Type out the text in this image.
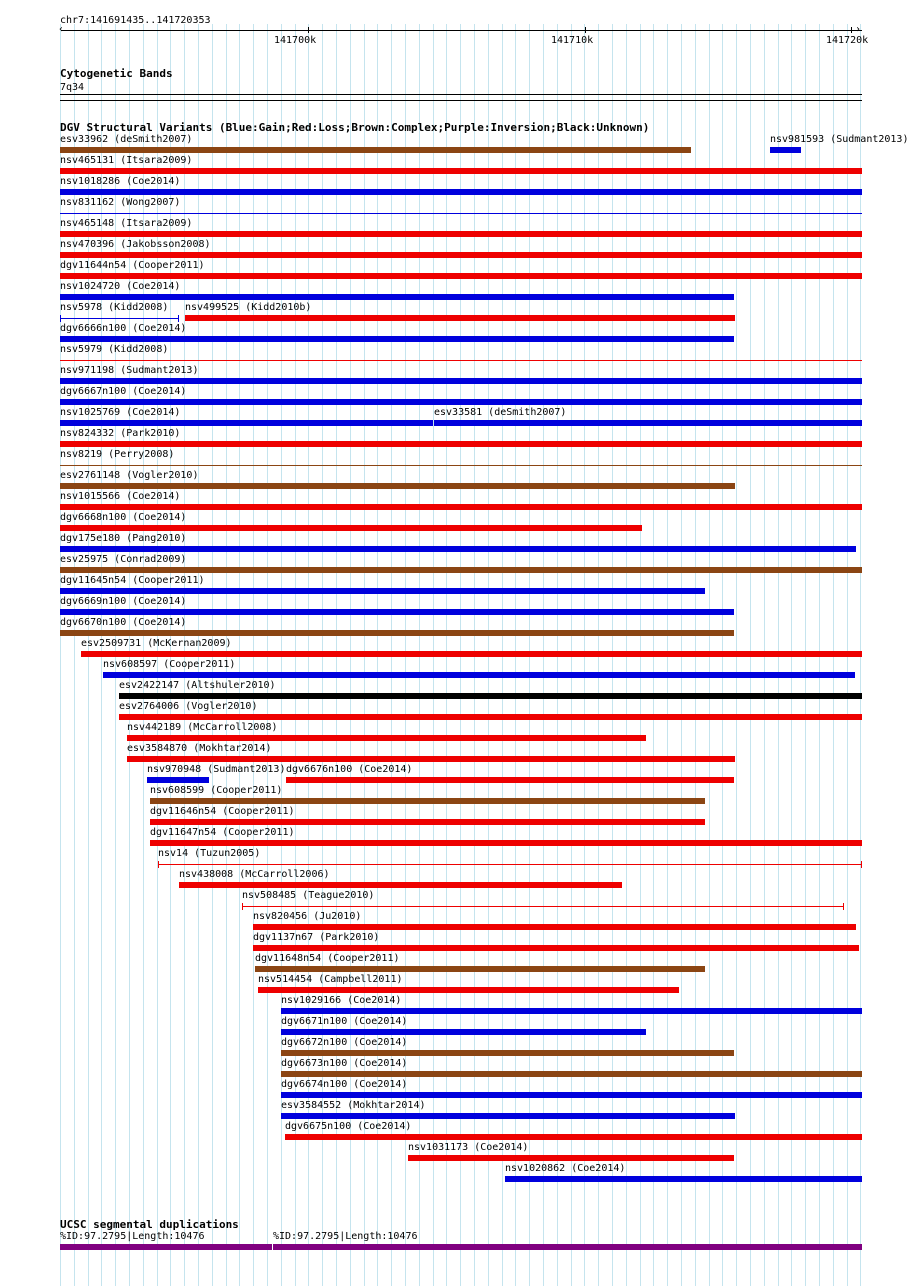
chr7:141691435..141720353
‹	›
141700k	141710k	141720k
Cytogenetic Bands
7q34
DGV Structural Variants (Blue:Gain;Red:Loss;Brown:Complex;Purple:Inversion;Black:Unknown)
esv33962 (deSmith2007)	nsv981593 (Sudmant2013)
nsv465131 (Itsara2009)
nsv1018286 (Coe2014)
nsv831162 (Wong2007)
nsv465148 (Itsara2009)
nsv470396 (Jakobsson2008)
dgv11644n54 (Cooper2011)
nsv1024720 (Coe2014)
nsv5978 (Kidd2008) nsv499525 (Kidd2010b)
dgv6666n100 (Coe2014)
nsv5979 (Kidd2008)
nsv971198 (Sudmant2013)
dgv6667n100 (Coe2014)
nsv1025769 (Coe2014)	esv33581 (deSmith2007)
nsv824332 (Park2010)
nsv8219 (Perry2008)
esv2761148 (Vogler2010)
nsv1015566 (Coe2014)
dgv6668n100 (Coe2014)
dgv175e180 (Pang2010)
esv25975 (Conrad2009)
dgv11645n54 (Cooper2011)
dgv6669n100 (Coe2014)
dgv6670n100 (Coe2014)
esv2509731 (McKernan2009)
nsv608597 (Cooper2011)
esv2422147 (Altshuler2010)
esv2764006 (Vogler2010)
nsv442189 (McCarroll2008)
esv3584870 (Mokhtar2014)
nsv970948 (Sudmant2013) dgv6676n100 (Coe2014)
nsv608599 (Cooper2011)
dgv11646n54 (Cooper2011)
dgv11647n54 (Cooper2011)
nsv14 (Tuzun2005)
nsv438008 (McCarroll2006)
nsv508485 (Teague2010)
nsv820456 (Ju2010)
dgv1137n67 (Park2010)
dgv11648n54 (Cooper2011)
nsv514454 (Campbell2011)
nsv1029166 (Coe2014)
dgv6671n100 (Coe2014)
dgv6672n100 (Coe2014)
dgv6673n100 (Coe2014)
dgv6674n100 (Coe2014)
esv3584552 (Mokhtar2014)
dgv6675n100 (Coe2014)
nsv1031173 (Coe2014)
nsv1020862 (Coe2014)
UCSC segmental duplications
%ID:97.2795|Length:10476	%ID:97.2795|Length:10476
